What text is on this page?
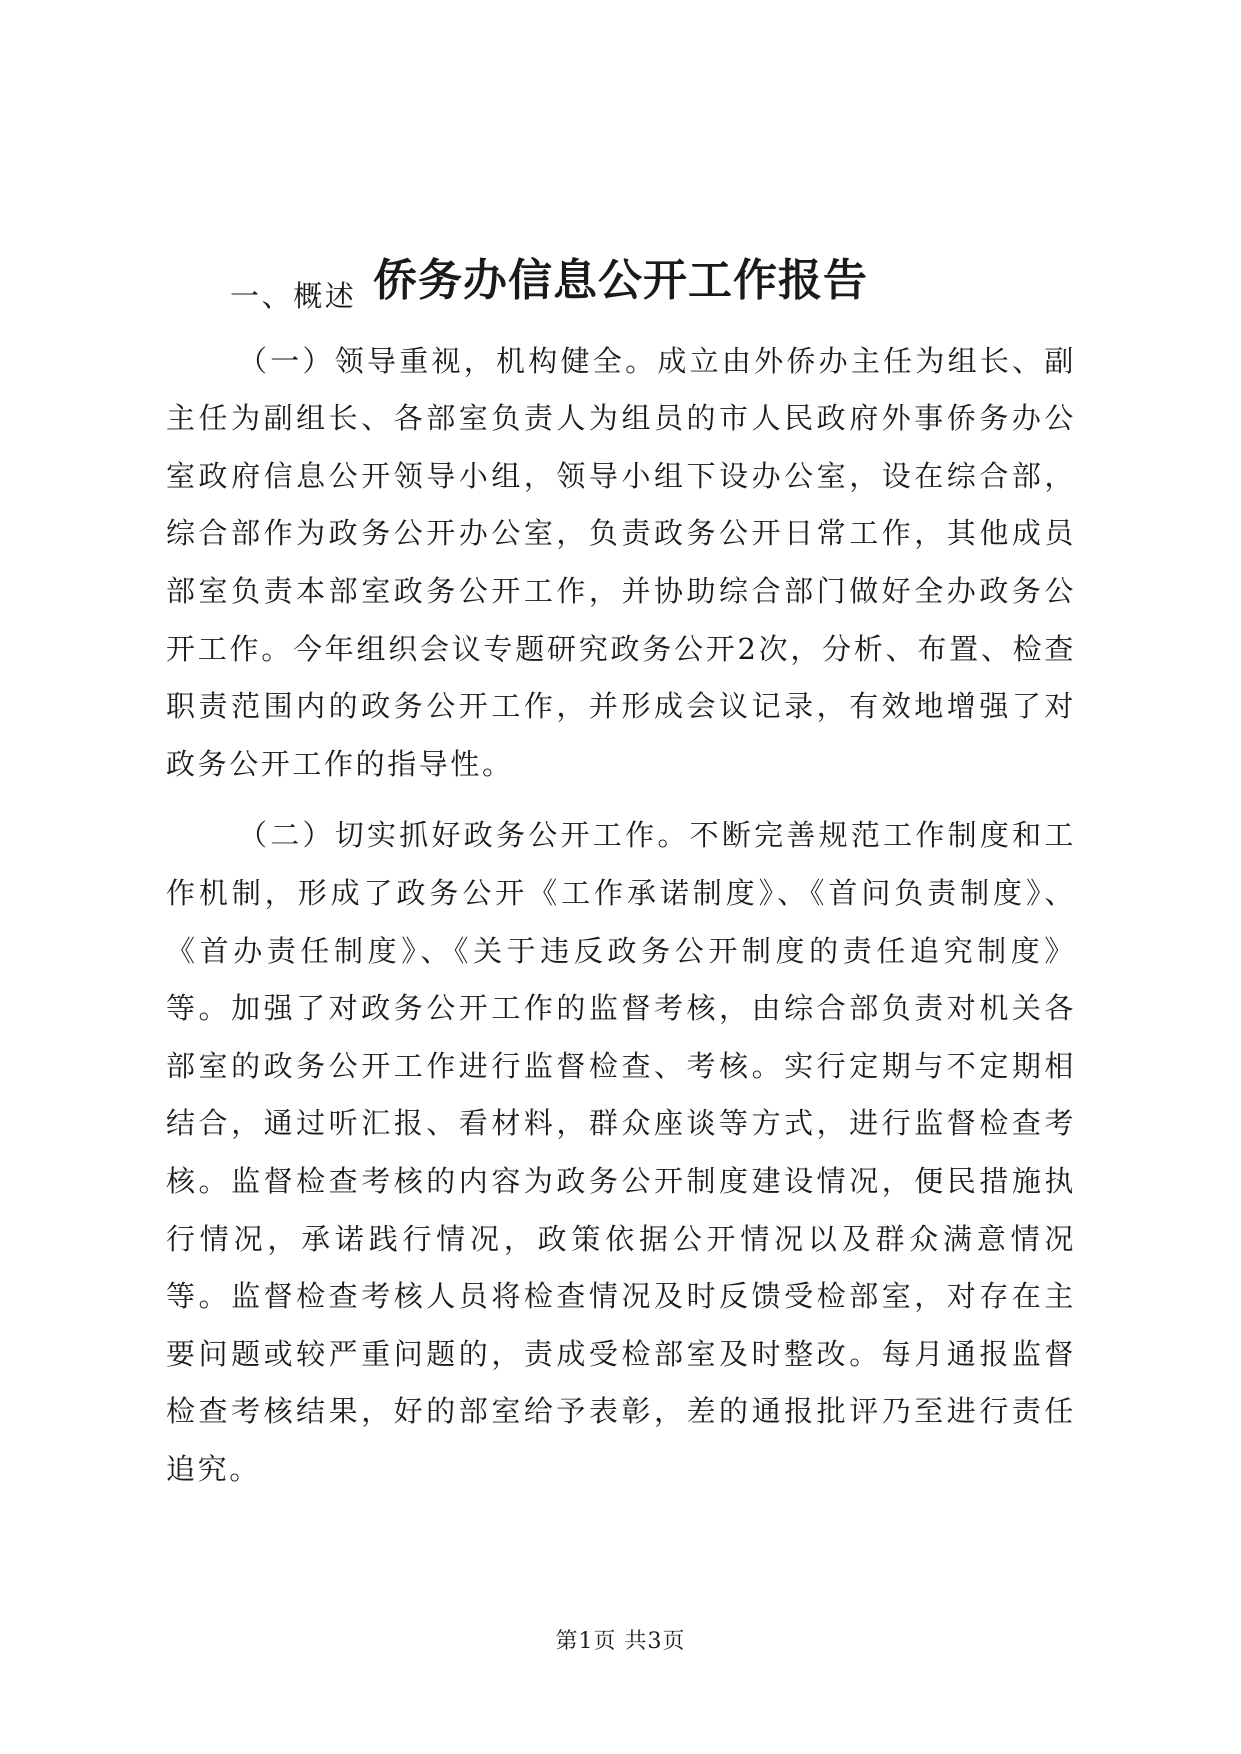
侨务办信息公开工作报告

一、概述

（一）领导重视，机构健全。成立由外侨办主任为组长、副主任为副组长、各部室负责人为组员的市人民政府外事侨务办公室政府信息公开领导小组，领导小组下设办公室，设在综合部，综合部作为政务公开办公室，负责政务公开日常工作，其他成员部室负责本部室政务公开工作，并协助综合部门做好全办政务公开工作。今年组织会议专题研究政务公开2次，分析、布置、检查职责范围内的政务公开工作，并形成会议记录，有效地增强了对政务公开工作的指导性。

（二）切实抓好政务公开工作。不断完善规范工作制度和工作机制，形成了政务公开《工作承诺制度》、《首问负责制度》、《首办责任制度》、《关于违反政务公开制度的责任追究制度》等。加强了对政务公开工作的监督考核，由综合部负责对机关各部室的政务公开工作进行监督检查、考核。实行定期与不定期相结合，通过听汇报、看材料，群众座谈等方式，进行监督检查考核。监督检查考核的内容为政务公开制度建设情况，便民措施执行情况，承诺践行情况，政策依据公开情况以及群众满意情况等。监督检查考核人员将检查情况及时反馈受检部室，对存在主要问题或较严重问题的，责成受检部室及时整改。每月通报监督检查考核结果，好的部室给予表彰，差的通报批评乃至进行责任追究。

第1页 共3页
